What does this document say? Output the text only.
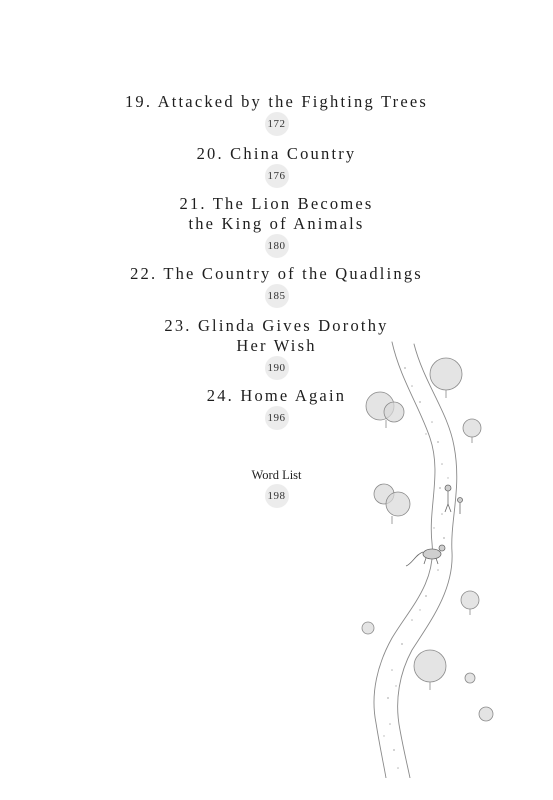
19. Attacked by the Fighting Trees
172
20. China Country
176
21. The Lion Becomes
the King of Animals
180
22. The Country of the Quadlings
185
23. Glinda Gives Dorothy
Her Wish
190
24. Home Again
196
Word List
198
